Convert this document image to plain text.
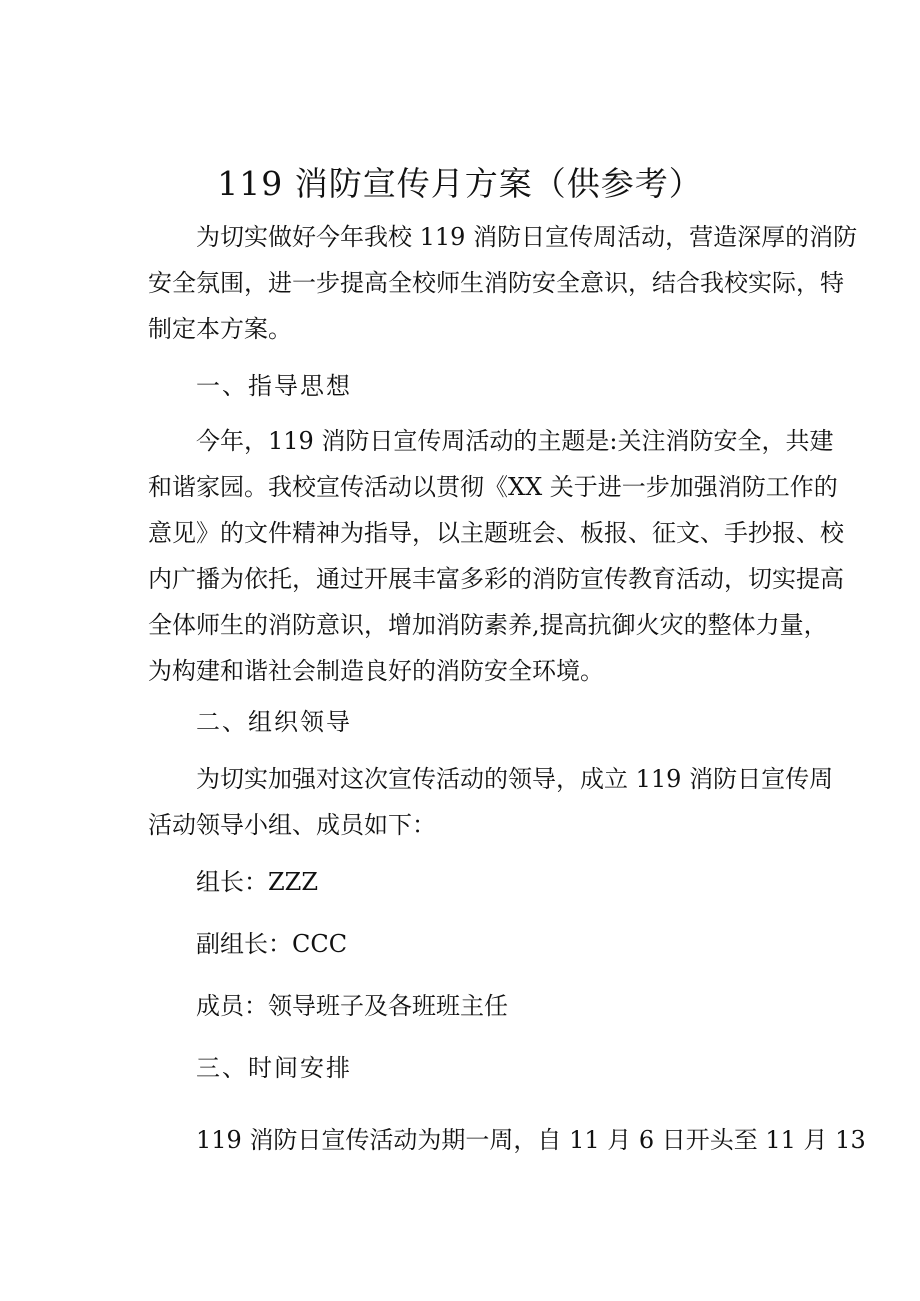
119 消防宣传月方案（供参考）
为切实做好今年我校 119 消防日宣传周活动，营造深厚的消防
安全氛围，进一步提高全校师生消防安全意识，结合我校实际，特
制定本方案。
一、指导思想
今年，119 消防日宣传周活动的主题是:关注消防安全，共建
和谐家园。我校宣传活动以贯彻《XX 关于进一步加强消防工作的
意见》的文件精神为指导，以主题班会、板报、征文、手抄报、校
内广播为依托，通过开展丰富多彩的消防宣传教育活动，切实提高
全体师生的消防意识，增加消防素养,提高抗御火灾的整体力量，
为构建和谐社会制造良好的消防安全环境。
二、组织领导
为切实加强对这次宣传活动的领导，成立 119 消防日宣传周
活动领导小组、成员如下：
组长：ZZZ
副组长：CCC
成员：领导班子及各班班主任
三、时间安排
119 消防日宣传活动为期一周，自 11 月 6 日开头至 11 月 13
